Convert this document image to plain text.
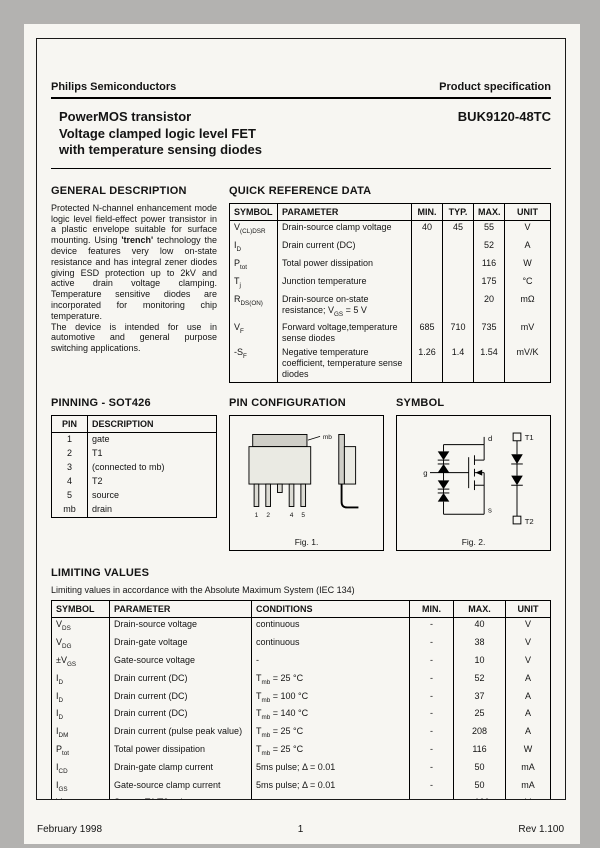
Philips Semiconductors	Product specification
PowerMOS transistor
Voltage clamped logic level FET
with temperature sensing diodes
BUK9120-48TC
GENERAL DESCRIPTION

Protected N-channel enhancement mode logic level field-effect power transistor in a plastic envelope suitable for surface mounting. Using 'trench' technology the device features very low on-state resistance and has integral zener diodes giving ESD protection up to 2kV and active drain voltage clamping. Temperature sensitive diodes are incorporated for monitoring chip temperature.

The device is intended for use in automotive and general purpose switching applications.

QUICK REFERENCE DATA
SYMBOL	PARAMETER	MIN.	TYP.	MAX.	UNIT
$V_{(CL)DSR}$	Drain-source clamp voltage	40	45	55	V
$I_D$	Drain current (DC)			52	A
$P_{tot}$	Total power dissipation			116	W
$T_j$	Junction temperature			175	°C
$R_{DS(ON)}$	Drain-source on-state resistance; $V_{GS} = 5$ V			20	mΩ
$V_F$	Forward voltage,temperature sense diodes	685	710	735	mV
$-S_F$	Negative temperature coefficient, temperature sense diodes	1.26	1.4	1.54	mV/K
PINNING - SOT426
PIN	DESCRIPTION
1	gate
2	T1
3	(connected to mb)
4	T2
5	source
mb	drain
PIN CONFIGURATION
mb
1 2	4 5
Fig. 1.
SYMBOL
d
g
s
T1
T2
Fig. 2.
LIMITING VALUES

Limiting values in accordance with the Absolute Maximum System (IEC 134)

SYMBOL	PARAMETER	CONDITIONS	MIN.	MAX.	UNIT
$V_{DS}$	Drain-source voltage	continuous	-	40	V
$V_{DG}$	Drain-gate voltage	continuous	-	38	V
$\pm V_{GS}$	Gate-source voltage	-	-	10	V
$I_D$	Drain current (DC)	$T_{mb} = 25$ °C	-	52	A
$I_D$	Drain current (DC)	$T_{mb} = 100$ °C	-	37	A
$I_D$	Drain current (DC)	$T_{mb} = 140$ °C	-	25	A
$I_{DM}$	Drain current (pulse peak value)	$T_{mb} = 25$ °C	-	208	A
$P_{tot}$	Total power dissipation	$T_{mb} = 25$ °C	-	116	W
$I_{CD}$	Drain-gate clamp current	5ms pulse; Δ = 0.01	-	50	mA
$I_{GS}$	Gate-source clamp current	5ms pulse; Δ = 0.01	-	50	mA

February 1998	1	Rev 1.100
